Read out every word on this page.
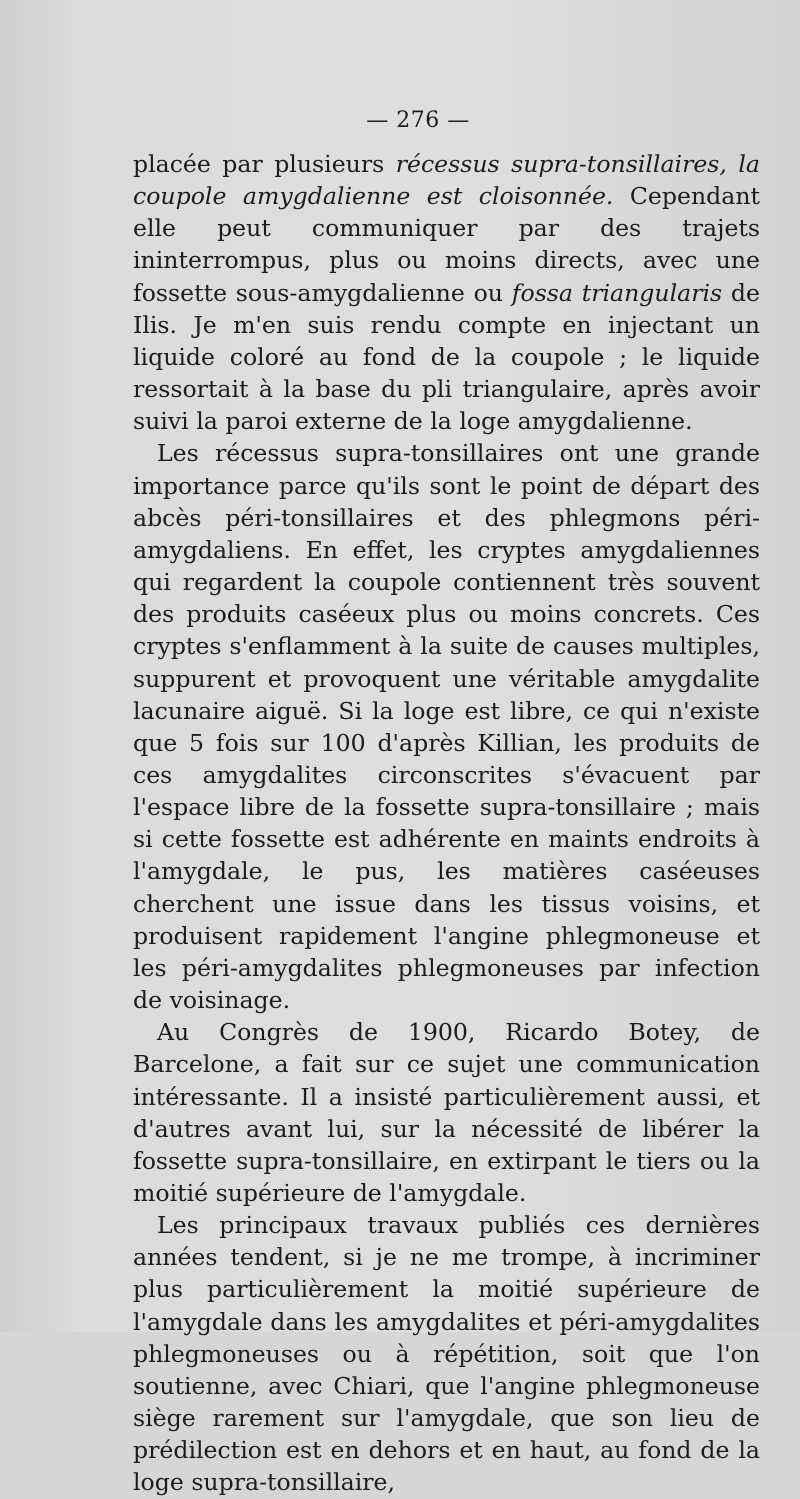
— 276 —

placée par plusieurs récessus supra-tonsillaires, la coupole amygdalienne est cloisonnée. Cependant elle peut communiquer par des trajets ininterrompus, plus ou moins directs, avec une fossette sous-amygdalienne ou fossa triangularis de Ilis. Je m'en suis rendu compte en injectant un liquide coloré au fond de la coupole ; le liquide ressortait à la base du pli triangulaire, après avoir suivi la paroi externe de la loge amygdalienne.

Les récessus supra-tonsillaires ont une grande importance parce qu'ils sont le point de départ des abcès péri-tonsillaires et des phlegmons péri-amygdaliens. En effet, les cryptes amygdaliennes qui regardent la coupole contiennent très souvent des produits caséeux plus ou moins concrets. Ces cryptes s'enflamment à la suite de causes multiples, suppurent et provoquent une véritable amygdalite lacunaire aiguë. Si la loge est libre, ce qui n'existe que 5 fois sur 100 d'après Killian, les produits de ces amygdalites circonscrites s'évacuent par l'espace libre de la fossette supra-tonsillaire ; mais si cette fossette est adhérente en maints endroits à l'amygdale, le pus, les matières caséeuses cherchent une issue dans les tissus voisins, et produisent rapidement l'angine phlegmoneuse et les péri-amygdalites phlegmoneuses par infection de voisinage.

Au Congrès de 1900, Ricardo Botey, de Barcelone, a fait sur ce sujet une communication intéressante. Il a insisté particulièrement aussi, et d'autres avant lui, sur la nécessité de libérer la fossette supra-tonsillaire, en extirpant le tiers ou la moitié supérieure de l'amygdale.

Les principaux travaux publiés ces dernières années tendent, si je ne me trompe, à incriminer plus particulièrement la moitié supérieure de l'amygdale dans les amygdalites et péri-amygdalites phlegmoneuses ou à répétition, soit que l'on soutienne, avec Chiari, que l'angine phlegmoneuse siège rarement sur l'amygdale, que son lieu de prédilection est en dehors et en haut, au fond de la loge supra-tonsillaire,
